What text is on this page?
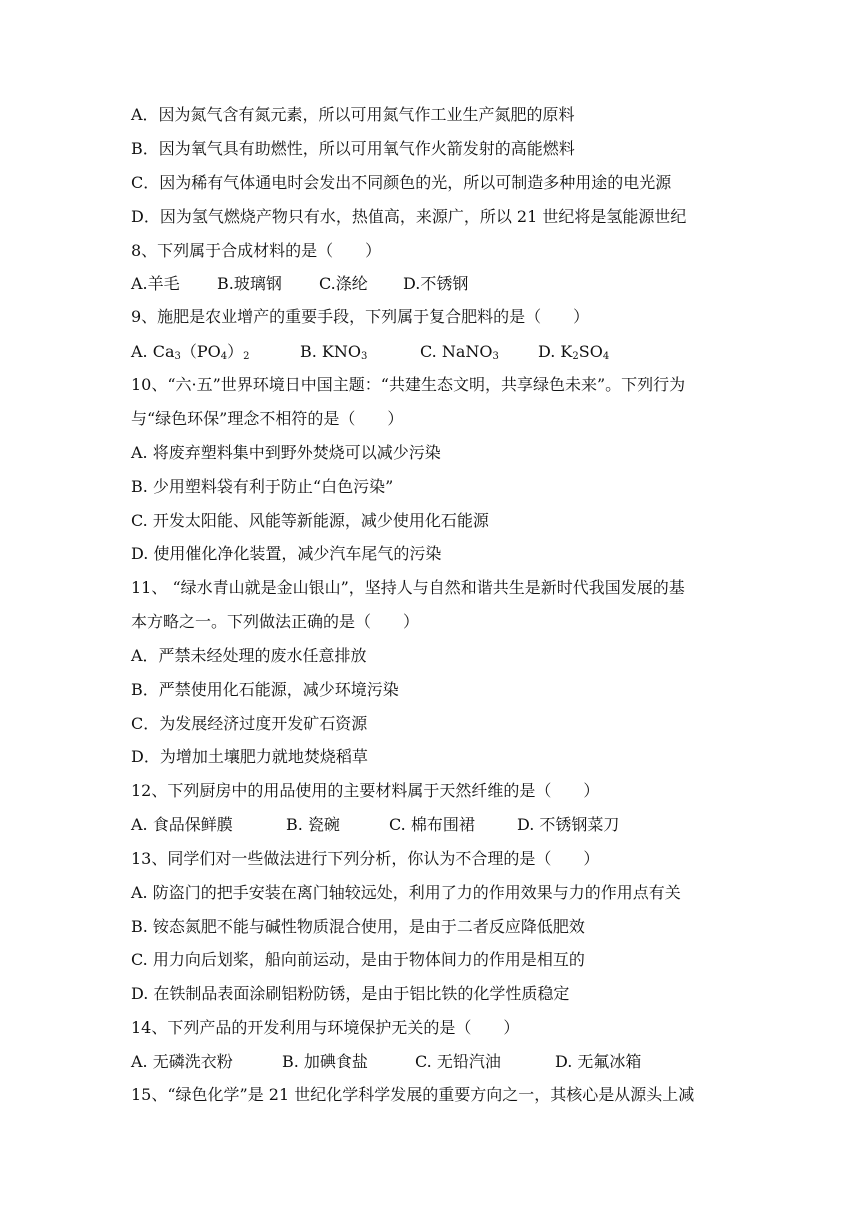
A．因为氮气含有氮元素，所以可用氮气作工业生产氮肥的原料
B．因为氧气具有助燃性，所以可用氧气作火箭发射的高能燃料
C．因为稀有气体通电时会发出不同颜色的光，所以可制造多种用途的电光源
D．因为氢气燃烧产物只有水，热值高，来源广，所以 21 世纪将是氢能源世纪
8、下列属于合成材料的是（　　）
A.羊毛 B.玻璃钢 C.涤纶 D.不锈钢
9、施肥是农业增产的重要手段，下列属于复合肥料的是（　　）
A. $Ca_3(PO_4)_2$	B. $KNO_3$	C. NaNO$_3$ D. $K_2SO_4$
10、“六·五”世界环境日中国主题：“共建生态文明，共享绿色未来”。下列行为
与“绿色环保”理念不相符的是（　　）
A. 将废弃塑料集中到野外焚烧可以减少污染
B. 少用塑料袋有利于防止“白色污染”
C. 开发太阳能、风能等新能源，减少使用化石能源
D. 使用催化净化装置，减少汽车尾气的污染
11、 “绿水青山就是金山银山”，坚持人与自然和谐共生是新时代我国发展的基
本方略之一。下列做法正确的是（　　）
A．严禁未经处理的废水任意排放
B．严禁使用化石能源，减少环境污染
C．为发展经济过度开发矿石资源
D．为增加土壤肥力就地焚烧稻草
12、下列厨房中的用品使用的主要材料属于天然纤维的是（　　）
A. 食品保鲜膜	B. 瓷碗	C. 棉布围裙	D. 不锈钢菜刀
13、同学们对一些做法进行下列分析，你认为不合理的是（　　）
A. 防盗门的把手安装在离门轴较远处，利用了力的作用效果与力的作用点有关
B. 铵态氮肥不能与碱性物质混合使用，是由于二者反应降低肥效
C. 用力向后划桨，船向前运动，是由于物体间力的作用是相互的
D. 在铁制品表面涂刷铝粉防锈，是由于铝比铁的化学性质稳定
14、下列产品的开发利用与环境保护无关的是（　　）
A. 无磷洗衣粉	B. 加碘食盐	C. 无铅汽油	D. 无氟冰箱
15、“绿色化学”是 21 世纪化学科学发展的重要方向之一，其核心是从源头上减
